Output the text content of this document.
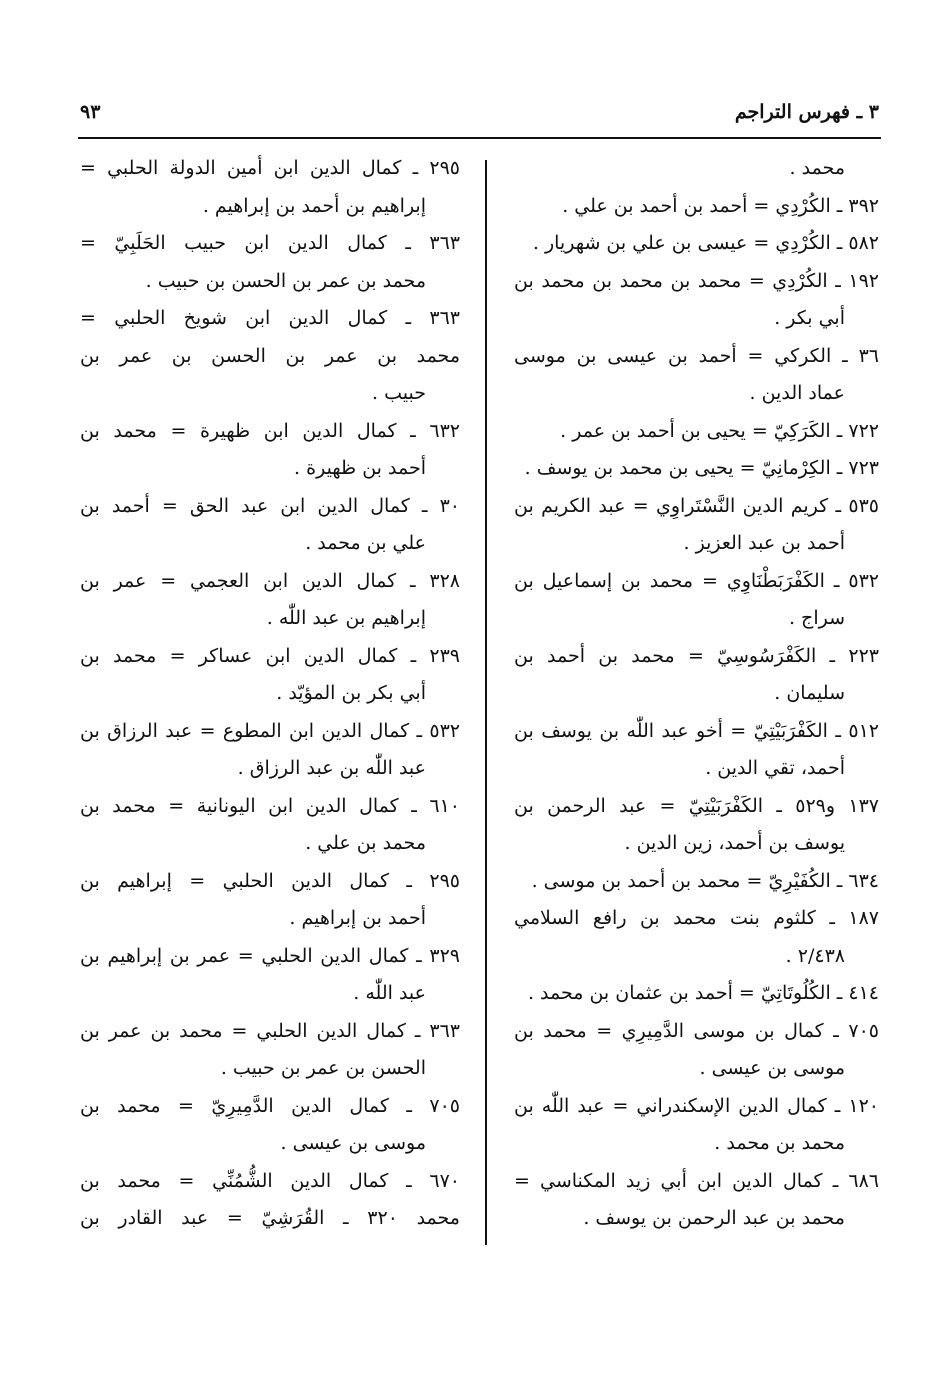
٣ ـ فهرس التراجم
٩٣
محمد .
٣٩٢ ـ الكُرْدِي = أحمد بن أحمد بن علي .
٥٨٢ ـ الكُرْدِي = عيسى بن علي بن شهريار .
١٩٢ ـ الكُرْدِي = محمد بن محمد بن محمد بن
أبي بكر .
٣٦ ـ الكركي = أحمد بن عيسى بن موسى
عماد الدين .
٧٢٢ ـ الكَرَكِيّ = يحيى بن أحمد بن عمر .
٧٢٣ ـ الكِرْمانِيّ = يحيى بن محمد بن يوسف .
٥٣٥ ـ كريم الدين النَّسْتَراوِي = عبد الكريم بن
أحمد بن عبد العزيز .
٥٣٢ ـ الكَفْرَبَطْنَاوِي = محمد بن إسماعيل بن
سراج .
٢٢٣ ـ الكَفْرَسُوسِيّ = محمد بن أحمد بن
سليمان .
٥١٢ ـ الكَفْرَبَيْتِيّ = أخو عبد اللّٰه بن يوسف بن
أحمد، تقي الدين .
١٣٧ و٥٢٩ ـ الكَفْرَبَيْتِيّ = عبد الرحمن بن
يوسف بن أحمد، زين الدين .
٦٣٤ ـ الكُفَيْرِيّ = محمد بن أحمد بن موسى .
١٨٧ ـ كلثوم بنت محمد بن رافع السلامي
٢/٤٣٨ .
٤١٤ ـ الكُلُوتَاتِيّ = أحمد بن عثمان بن محمد .
٧٠٥ ـ كمال بن موسى الدَّمِيرِي = محمد بن
موسى بن عيسى .
١٢٠ ـ كمال الدين الإسكندراني = عبد اللّٰه بن
محمد بن محمد .
٦٨٦ ـ كمال الدين ابن أبي زيد المكناسي =
محمد بن عبد الرحمن بن يوسف .
٢٩٥ ـ كمال الدين ابن أمين الدولة الحلبي =
إبراهيم بن أحمد بن إبراهيم .
٣٦٣ ـ كمال الدين ابن حبيب الحَلَبِيّ =
محمد بن عمر بن الحسن بن حبيب .
٣٦٣ ـ كمال الدين ابن شويخ الحلبي =
محمد بن عمر بن الحسن بن عمر بن
حبيب .
٦٣٢ ـ كمال الدين ابن ظهيرة = محمد بن
أحمد بن ظهيرة .
٣٠ ـ كمال الدين ابن عبد الحق = أحمد بن
علي بن محمد .
٣٢٨ ـ كمال الدين ابن العجمي = عمر بن
إبراهيم بن عبد اللّٰه .
٢٣٩ ـ كمال الدين ابن عساكر = محمد بن
أبي بكر بن المؤيّد .
٥٣٢ ـ كمال الدين ابن المطوع = عبد الرزاق بن
عبد اللّٰه بن عبد الرزاق .
٦١٠ ـ كمال الدين ابن اليونانية = محمد بن
محمد بن علي .
٢٩٥ ـ كمال الدين الحلبي = إبراهيم بن
أحمد بن إبراهيم .
٣٢٩ ـ كمال الدين الحلبي = عمر بن إبراهيم بن
عبد اللّٰه .
٣٦٣ ـ كمال الدين الحلبي = محمد بن عمر بن
الحسن بن عمر بن حبيب .
٧٠٥ ـ كمال الدين الدَّمِيرِيّ = محمد بن
موسى بن عيسى .
٦٧٠ ـ كمال الدين الشُّمُنِّي = محمد بن
محمد ٣٢٠ ـ القُرَشِيّ = عبد القادر بن
